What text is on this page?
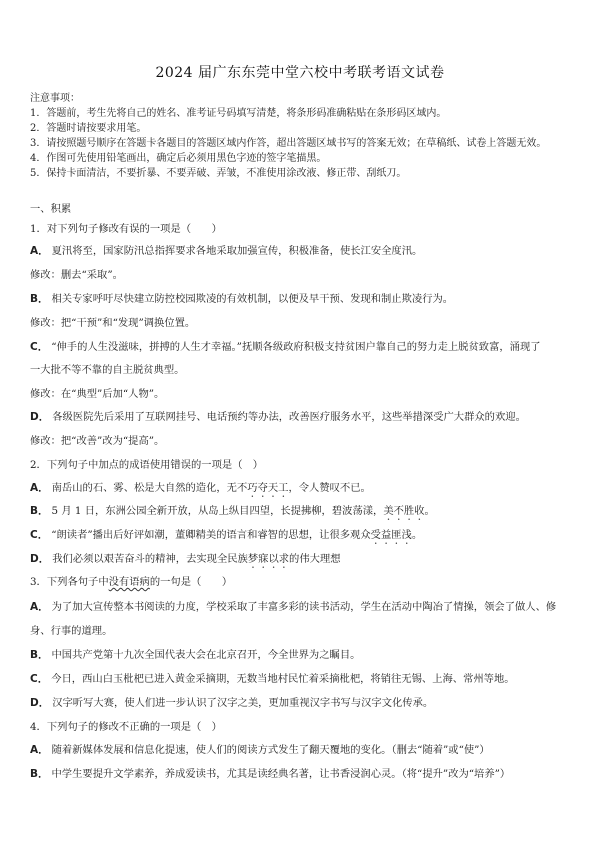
2024 届广东东莞中堂六校中考联考语文试卷
注意事项：
1．答题前，考生先将自己的姓名、准考证号码填写清楚，将条形码准确粘贴在条形码区域内。
2．答题时请按要求用笔。
3．请按照题号顺序在答题卡各题目的答题区域内作答，超出答题区域书写的答案无效；在草稿纸、试卷上答题无效。
4．作图可先使用铅笔画出，确定后必须用黑色字迹的签字笔描黑。
5．保持卡面清洁，不要折暴、不要弄破、弄皱，不准使用涂改液、修正带、刮纸刀。
一、积累
1．对下列句子修改有误的一项是（　　）
A． 夏汛将至，国家防汛总指挥要求各地采取加强宣传，积极准备，使长江安全度汛。
修改：删去“采取”。
B． 相关专家呼吁尽快建立防控校园欺凌的有效机制，以便及早干预、发现和制止欺凌行为。
修改：把“干预”和“发现”调换位置。
C． “伸手的人生没滋味，拼搏的人生才幸福。”抚顺各级政府积极支持贫困户靠自己的努力走上脱贫致富，涌现了
一大批不等不靠的自主脱贫典型。
修改：在“典型”后加“人物”。
D． 各级医院先后采用了互联网挂号、电话预约等办法，改善医疗服务水平，这些举措深受广大群众的欢迎。
修改：把“改善”改为“提高”。
2．下列句子中加点的成语使用错误的一项是（　）
A． 南岳山的石、雾、松是大自然的造化，无不巧夺天工，令人赞叹不已。
B． 5 月 1 日，东洲公园全新开放，从岛上纵目四望，长提拂柳，碧波荡漾，美不胜收。
C． “朗读者”播出后好评如潮，董卿精美的语言和睿智的思想，让很多观众受益匪浅。
D． 我们必须以艰苦奋斗的精神，去实现全民族梦寐以求的伟大理想
3．下列各句子中没有语病的一句是（　　）
A． 为了加大宣传整本书阅读的力度，学校采取了丰富多彩的读书活动，学生在活动中陶冶了情操，领会了做人、修
身、行事的道理。
B． 中国共产党第十九次全国代表大会在北京召开，今全世界为之瞩目。
C． 今日，西山白玉枇杷已进入黄金采摘期，无数当地村民忙着采摘枇杷，将销往无锡、上海、常州等地。
D． 汉字听写大赛，使人们进一步认识了汉字之美，更加重视汉字书写与汉字文化传承。
4．下列句子的修改不正确的一项是（　）
A． 随着新媒体发展和信息化提速，使人们的阅读方式发生了翻天覆地的变化。（删去“随着”或“使”）
B． 中学生要提升文学素养，养成爱读书，尤其是读经典名著，让书香浸润心灵。（将“提升”改为“培养”）
